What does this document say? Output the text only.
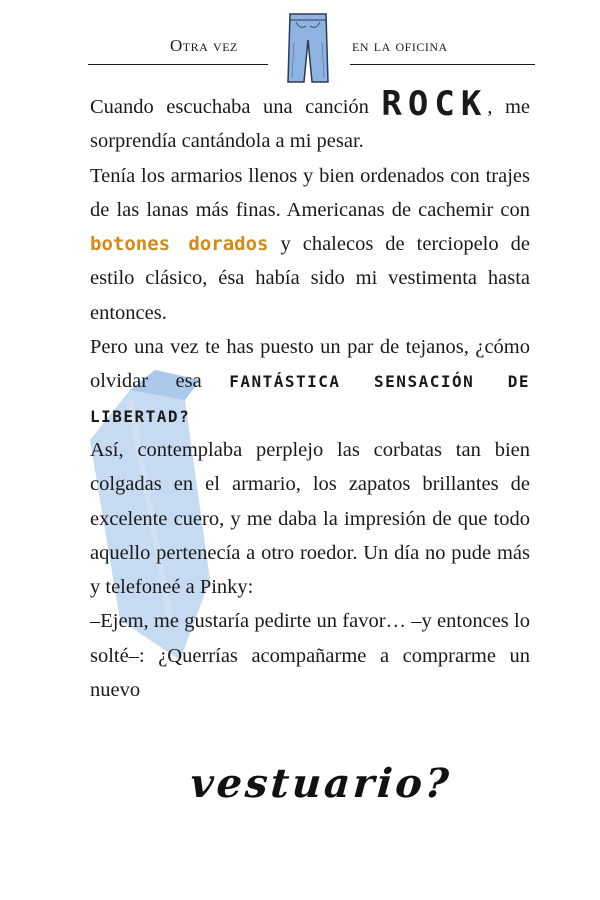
Otra vez	en la oficina

Cuando escuchaba una canción ROCK, me sorprendía cantándola a mi pesar.

Tenía los armarios llenos y bien ordenados con trajes de las lanas más finas. Americanas de cachemir con botones dorados y chalecos de terciopelo de estilo clásico, ésa había sido mi vestimenta hasta entonces.

Pero una vez te has puesto un par de tejanos, ¿cómo olvidar esa FANTÁSTICA SENSACIÓN DE LIBERTAD?

Así, contemplaba perplejo las corbatas tan bien colgadas en el armario, los zapatos brillantes de excelente cuero, y me daba la impresión de que todo aquello pertenecía a otro roedor. Un día no pude más y telefoneé a Pinky:

–Ejem, me gustaría pedirte un favor… –y entonces lo solté–: ¿Querrías acompañarme a comprarme un nuevo

vestuario?
